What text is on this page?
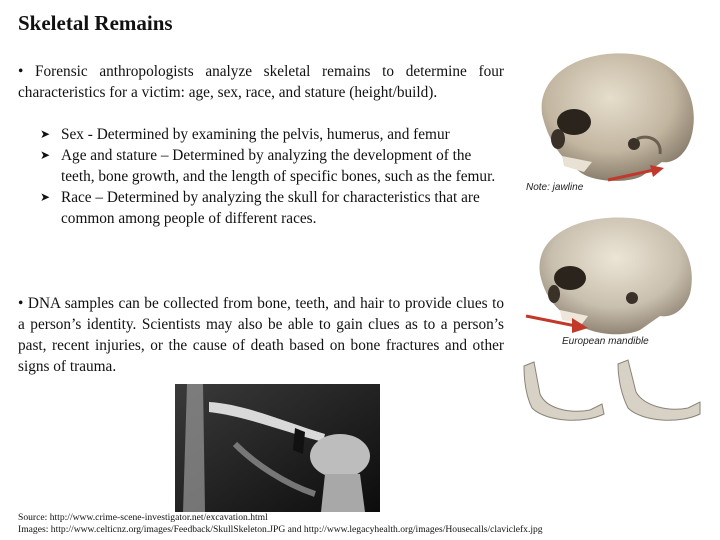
Skeletal Remains

• Forensic anthropologists analyze skeletal remains to determine four characteristics for a victim: age, sex, race, and stature (height/build).

➤ Sex - Determined by examining the pelvis, humerus, and femur
➤ Age and stature – Determined by analyzing the development of the teeth, bone growth, and the length of specific bones, such as the femur.
➤ Race – Determined by analyzing the skull for characteristics that are common among people of different races.

• DNA samples can be collected from bone, teeth, and hair to provide clues to a person’s identity. Scientists may also be able to gain clues as to a person’s past, recent injuries, or the cause of death based on bone fractures and other signs of trauma.

Note: jawline
European mandible

Source: http://www.crime-scene-investigator.net/excavation.html
Images: http://www.celticnz.org/images/Feedback/SkullSkeleton.JPG and http://www.legacyhealth.org/images/Housecalls/claviclefx.jpg
